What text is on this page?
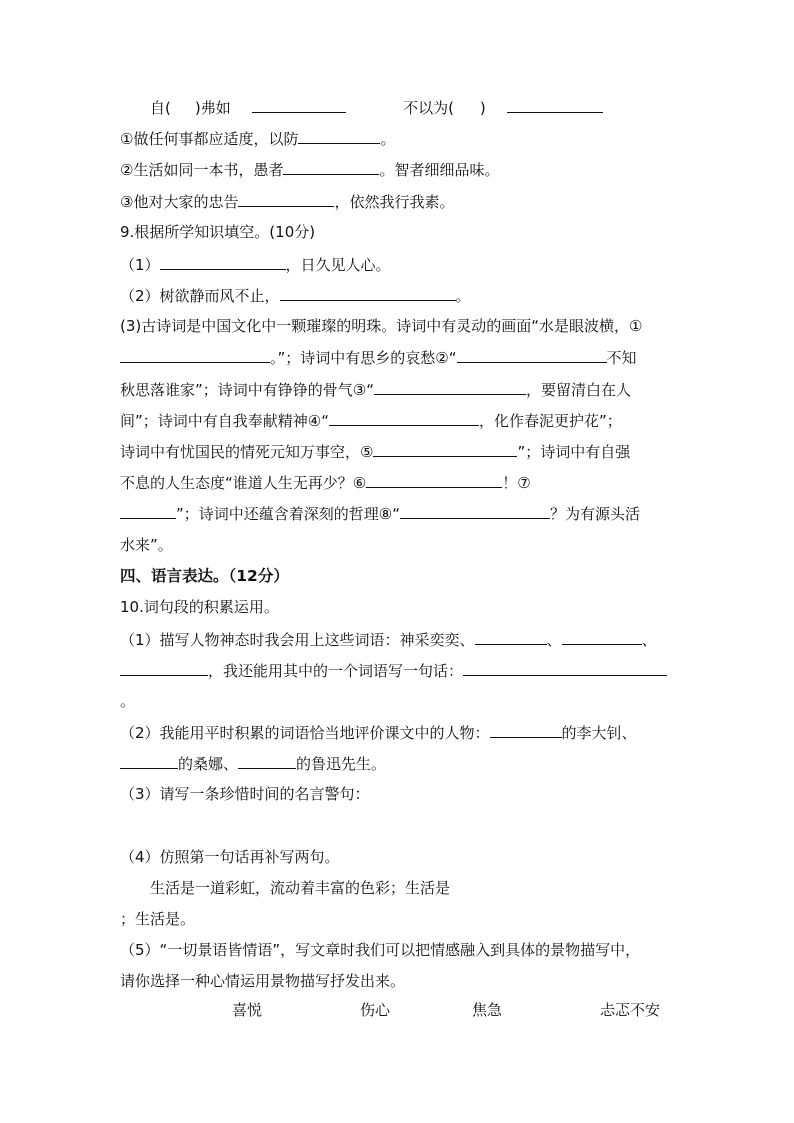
自( )弗如	不以为( )
①做任何事都应适度，以防	。
②生活如同一本书，愚者	。智者细细品味。
③他对大家的忠告	，依然我行我素。
9.根据所学知识填空。(10分)
（1）	，日久见人心。
（2）树欲静而风不止，	。
(3)古诗词是中国文化中一颗璀璨的明珠。诗词中有灵动的画面“水是眼波横，①
。”；诗词中有思乡的哀愁②“	不知
秋思落谁家”；诗词中有铮铮的骨气③“	，要留清白在人
间”；诗词中有自我奉献精神④“	，化作春泥更护花”；
诗词中有忧国民的情死元知万事空，⑤	”；诗词中有自强
不息的人生态度“谁道人生无再少？⑥	！⑦
”；诗词中还蕴含着深刻的哲理⑧“	？为有源头活
水来”。
四、语言表达。（12分）
10.词句段的积累运用。
（1）描写人物神态时我会用上这些词语：神采奕奕、	、	、
，我还能用其中的一个词语写一句话：
。
（2）我能用平时积累的词语恰当地评价课文中的人物：	的李大钊、
的桑娜、	的鲁迅先生。
（3）请写一条珍惜时间的名言警句：
（4）仿照第一句话再补写两句。
生活是一道彩虹，流动着丰富的色彩；生活是
；生活是。
（5）“一切景语皆情语”，写文章时我们可以把情感融入到具体的景物描写中，
请你选择一种心情运用景物描写抒发出来。
喜悦	伤心	焦急	忐忑不安
